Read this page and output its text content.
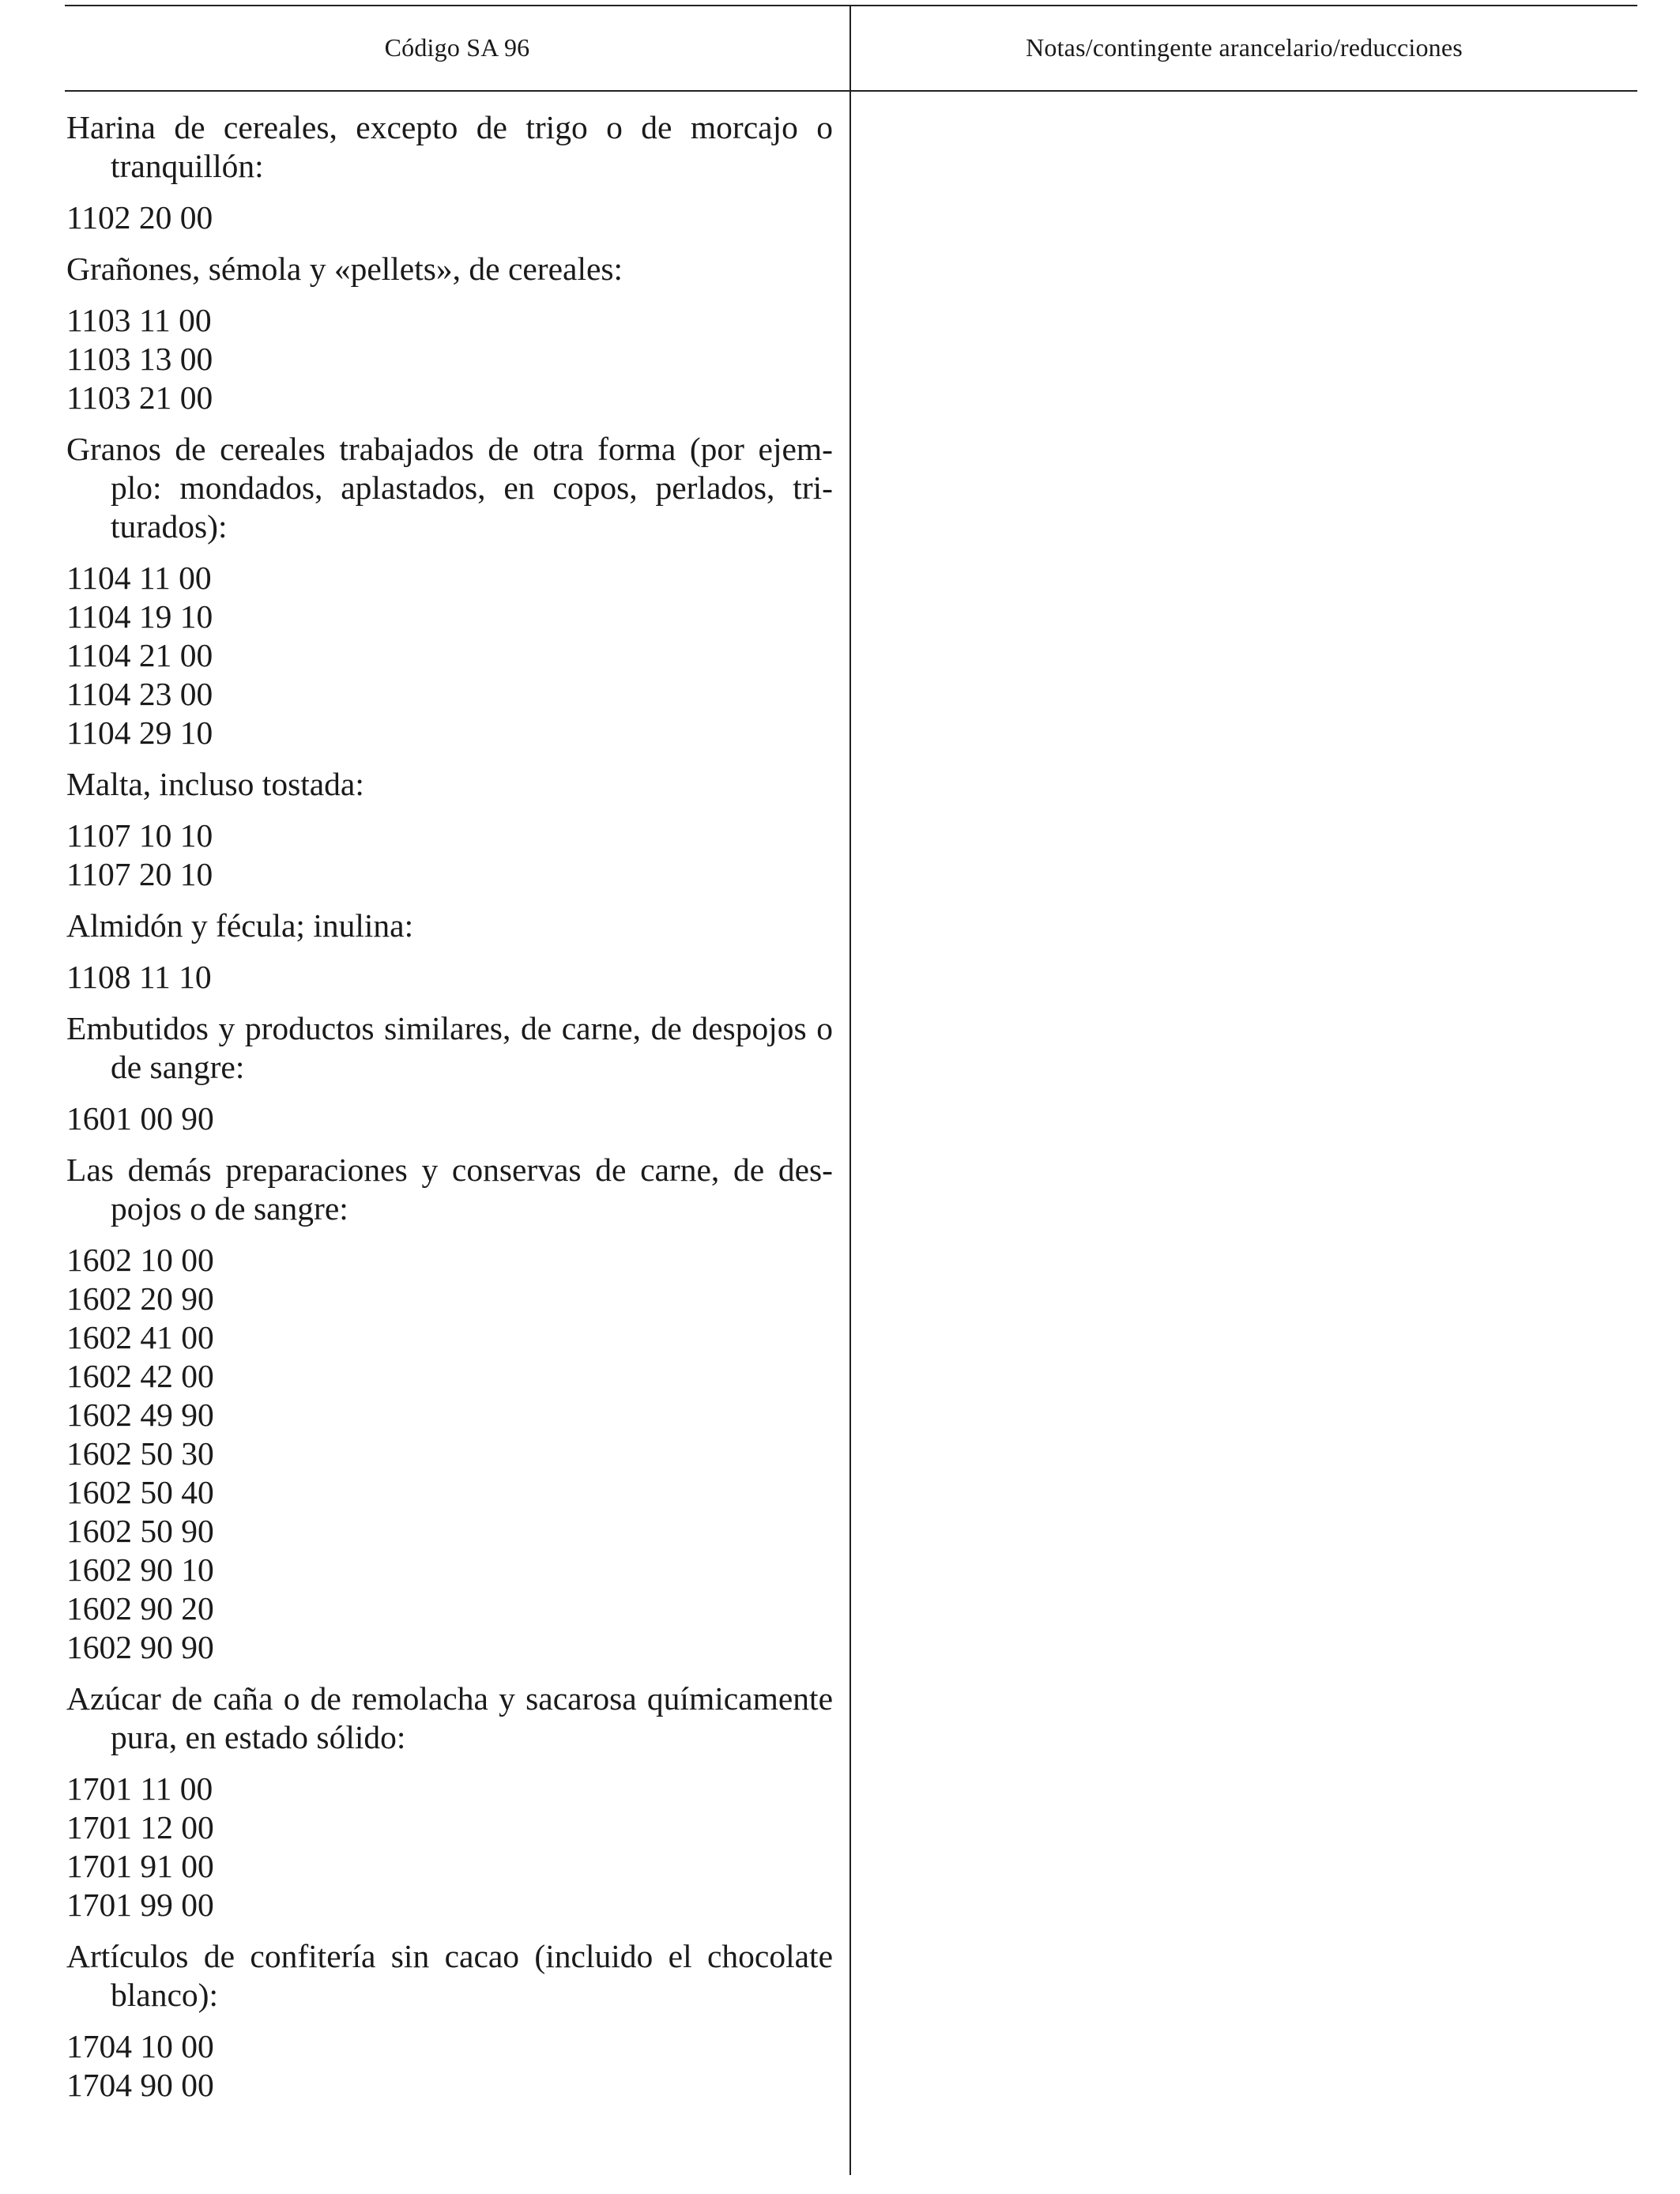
Código SA 96	Notas/contingente arancelario/reducciones
Harina de cereales, excepto de trigo o de morcajo o tranquillón:
1102 20 00
Grañones, sémola y «pellets», de cereales:
1103 11 00
1103 13 00
1103 21 00
Granos de cereales trabajados de otra forma (por ejem-plo: mondados, aplastados, en copos, perlados, tri-turados):
1104 11 00
1104 19 10
1104 21 00
1104 23 00
1104 29 10
Malta, incluso tostada:
1107 10 10
1107 20 10
Almidón y fécula; inulina:
1108 11 10
Embutidos y productos similares, de carne, de despojos o de sangre:
1601 00 90
Las demás preparaciones y conservas de carne, de des-pojos o de sangre:
1602 10 00
1602 20 90
1602 41 00
1602 42 00
1602 49 90
1602 50 30
1602 50 40
1602 50 90
1602 90 10
1602 90 20
1602 90 90
Azúcar de caña o de remolacha y sacarosa químicamente pura, en estado sólido:
1701 11 00
1701 12 00
1701 91 00
1701 99 00
Artículos de confitería sin cacao (incluido el chocolate blanco):
1704 10 00
1704 90 00
